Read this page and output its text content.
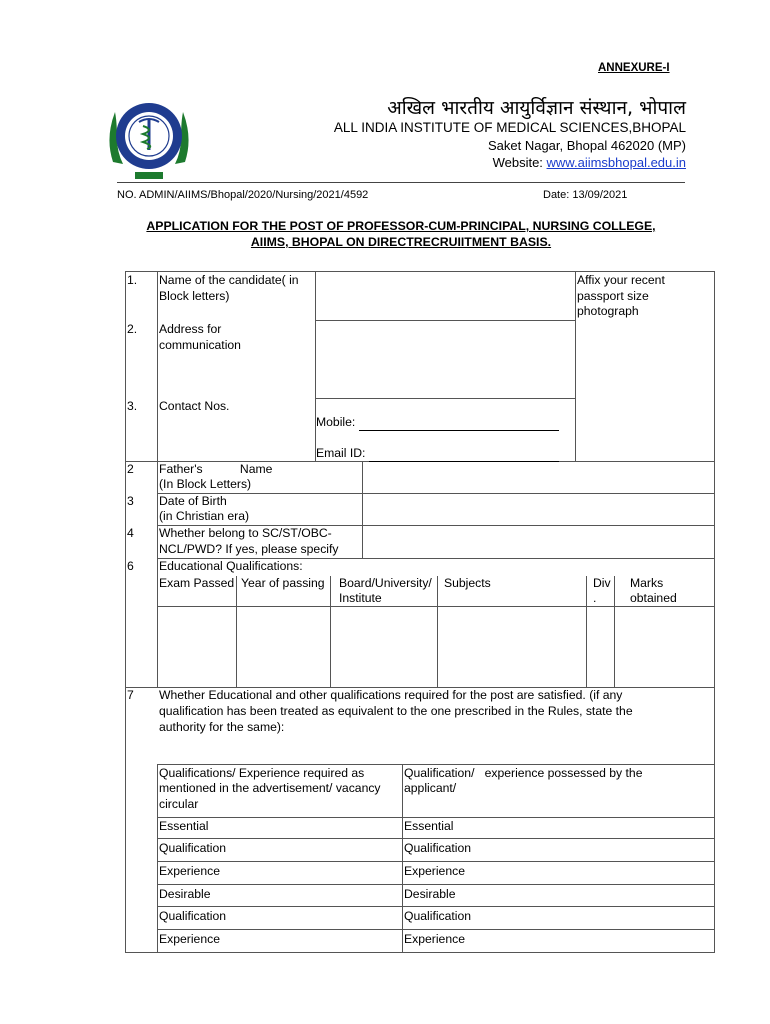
ANNEXURE-I
अखिल भारतीय आयुर्विज्ञान संस्थान, भोपाल
ALL INDIA INSTITUTE OF MEDICAL SCIENCES,BHOPAL
Saket Nagar, Bhopal 462020 (MP)
Website: www.aiimsbhopal.edu.in
NO. ADMIN/AIIMS/Bhopal/2020/Nursing/2021/4592	Date: 13/09/2021
APPLICATION FOR THE POST OF PROFESSOR-CUM-PRINCIPAL, NURSING COLLEGE,
AIIMS, BHOPAL ON DIRECTRECRUIITMENT BASIS.
Affix your recent passport size photograph
1. Name of the candidate( in
Block letters)
2. Address for
communication
3. Contact Nos.
Mobile:
Email ID:
2 Father's           Name
(In Block Letters)
3 Date of Birth
(in Christian era)
4 Whether belong to SC/ST/OBC-
NCL/PWD? If yes, please specify
6 Educational Qualifications:
Exam Passed Year of passing Board/University/
Institute
Subjects	Div
.
Marks
obtained
7 Whether Educational and other qualifications required for the post are satisfied. (if any
qualification has been treated as equivalent to the one prescribed in the Rules, state the
authority for the same):
Qualifications/ Experience required as
mentioned in the advertisement/ vacancy
circular
Qualification/   experience possessed by the
applicant/
Essential
Qualification
Experience
Desirable
Qualification
Experience
Essential
Qualification
Experience
Desirable
Qualification
Experience
